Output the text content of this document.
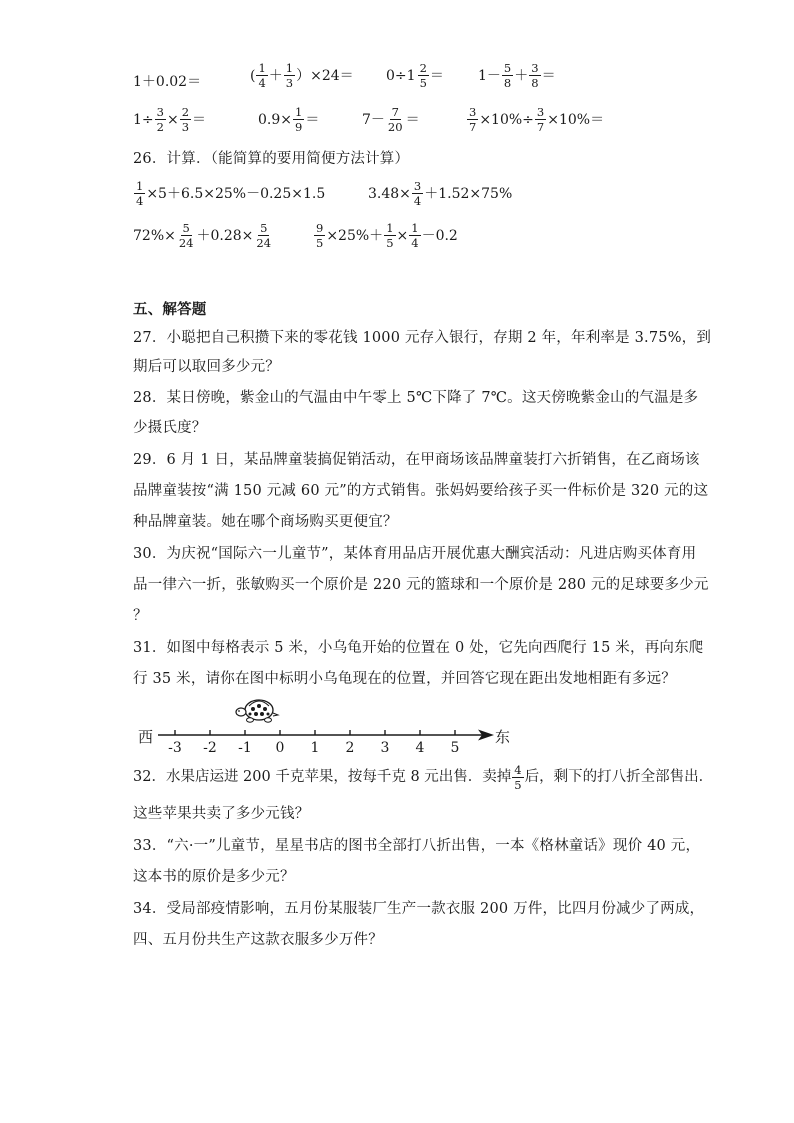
1＋0.02＝	( $\frac{1}{4} + \frac{1}{3} )\times 24= 0\div 1 \frac{2}{5} = 1- \frac{5}{8} + \frac{3}{8}$ ＝
$1\div \frac{3}{2} \times \frac{2}{3}$ ＝	$0.9\times \frac{1}{9}$ ＝	$7- \frac{7}{20}$ ＝	$\frac{3}{7} \times 10\%\div \frac{3}{7} \times 10\%=$
26．计算．（能简算的要用简便方法计算）
$\frac{1}{4} \times 5+6.5\times 25\%-0.25\times 1.5$	$3.48\times \frac{3}{4} +1.52\times 75\%$
$72\%\times \frac{5}{24} +0.28\times \frac{5}{24}$	$\frac{9}{5} \times 25\%+ \frac{1}{5} \times \frac{1}{4} -0.2$
五、解答题
27．小聪把自己积攒下来的零花钱 1000 元存入银行，存期 2 年，年利率是 3.75%，到
期后可以取回多少元？
28．某日傍晚，紫金山的气温由中午零上 5℃下降了 7℃。这天傍晚紫金山的气温是多
少摄氏度？
29．6 月 1 日，某品牌童装搞促销活动，在甲商场该品牌童装打六折销售，在乙商场该
品牌童装按“满 150 元减 60 元”的方式销售。张妈妈要给孩子买一件标价是 320 元的这
种品牌童装。她在哪个商场购买更便宜？
30．为庆祝“国际六一儿童节”，某体育用品店开展优惠大酬宾活动：凡进店购买体育用
品一律六一折，张敏购买一个原价是 220 元的篮球和一个原价是 280 元的足球要多少元
？
31．如图中每格表示 5 米，小乌龟开始的位置在 0 处，它先向西爬行 15 米，再向东爬
行 35 米，请你在图中标明小乌龟现在的位置，并回答它现在距出发地相距有多远？
西	东
-3 -2 -1 0 1 2 3 4 5
32．水果店运进 200 千克苹果，按每千克 8 元出售．卖掉 $\frac{4}{5}$ 后，剩下的打八折全部售出．
这些苹果共卖了多少元钱？
33．“六·一”儿童节，星星书店的图书全部打八折出售，一本《格林童话》现价 40 元，
这本书的原价是多少元？
34．受局部疫情影响，五月份某服装厂生产一款衣服 200 万件，比四月份减少了两成，
四、五月份共生产这款衣服多少万件？
